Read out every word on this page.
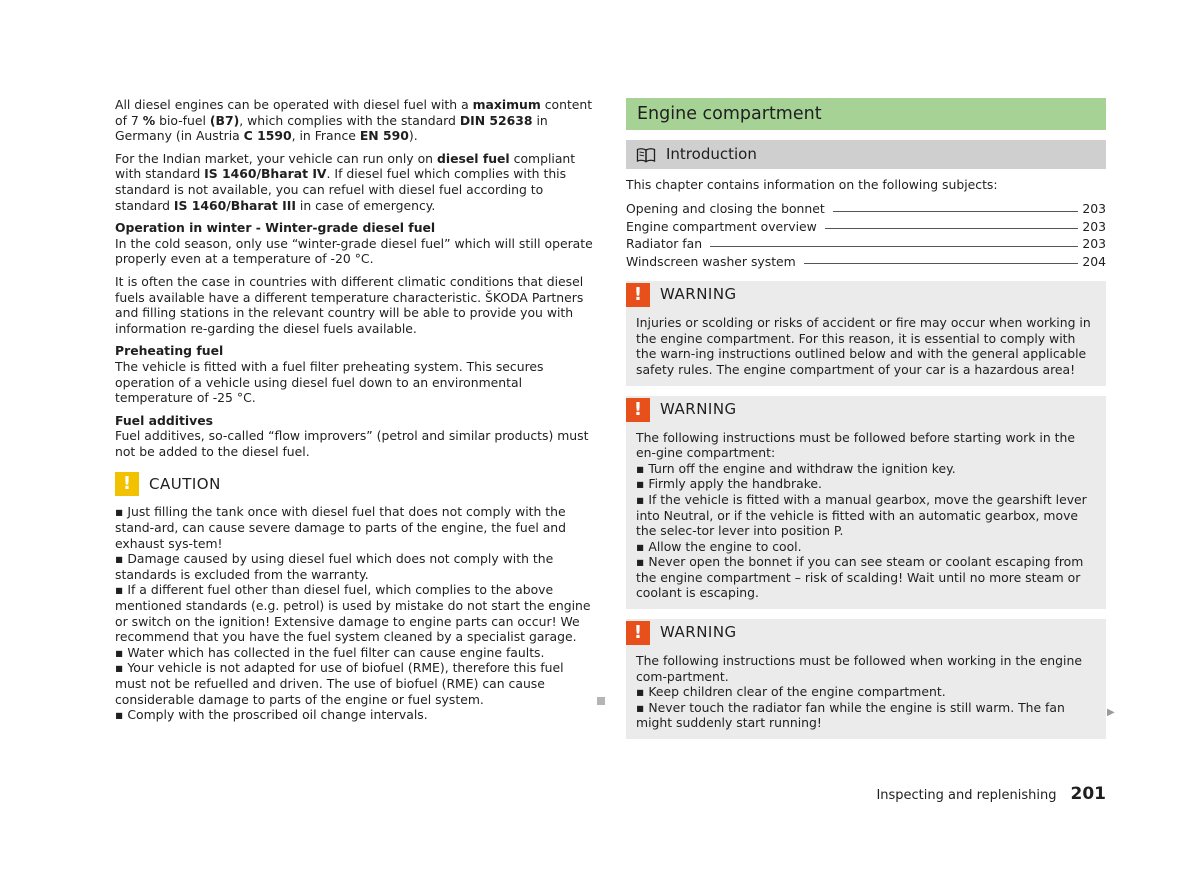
All diesel engines can be operated with diesel fuel with a maximum content of 7 % bio-fuel (B7), which complies with the standard DIN 52638 in Germany (in Austria C 1590, in France EN 590).

For the Indian market, your vehicle can run only on diesel fuel compliant with standard IS 1460/Bharat IV. If diesel fuel which complies with this standard is not available, you can refuel with diesel fuel according to standard IS 1460/Bharat III in case of emergency.

Operation in winter - Winter-grade diesel fuel

In the cold season, only use “winter-grade diesel fuel” which will still operate properly even at a temperature of -20 °C.

It is often the case in countries with different climatic conditions that diesel fuels available have a different temperature characteristic. ŠKODA Partners and filling stations in the relevant country will be able to provide you with information re-garding the diesel fuels available.

Preheating fuel

The vehicle is fitted with a fuel filter preheating system. This secures operation of a vehicle using diesel fuel down to an environmental temperature of -25 °C.

Fuel additives

Fuel additives, so-called “flow improvers” (petrol and similar products) must not be added to the diesel fuel.

!	CAUTION

▪ Just filling the tank once with diesel fuel that does not comply with the stand-ard, can cause severe damage to parts of the engine, the fuel and exhaust sys-tem!

▪ Damage caused by using diesel fuel which does not comply with the standards is excluded from the warranty.

▪ If a different fuel other than diesel fuel, which complies to the above mentioned standards (e.g. petrol) is used by mistake do not start the engine or switch on the ignition! Extensive damage to engine parts can occur! We recommend that you have the fuel system cleaned by a specialist garage.

▪ Water which has collected in the fuel filter can cause engine faults.

▪ Your vehicle is not adapted for use of biofuel (RME), therefore this fuel must not be refuelled and driven. The use of biofuel (RME) can cause considerable damage to parts of the engine or fuel system.

▪ Comply with the proscribed oil change intervals.

Engine compartment
Introduction

This chapter contains information on the following subjects:

Opening and closing the bonnet	203
Engine compartment overview	203
Radiator fan	203
Windscreen washer system	204
!	WARNING

Injuries or scolding or risks of accident or fire may occur when working in the engine compartment. For this reason, it is essential to comply with the warn-ing instructions outlined below and with the general applicable safety rules. The engine compartment of your car is a hazardous area!

!	WARNING

The following instructions must be followed before starting work in the en-gine compartment:

▪ Turn off the engine and withdraw the ignition key.

▪ Firmly apply the handbrake.

▪ If the vehicle is fitted with a manual gearbox, move the gearshift lever into Neutral, or if the vehicle is fitted with an automatic gearbox, move the selec-tor lever into position P.

▪ Allow the engine to cool.

▪ Never open the bonnet if you can see steam or coolant escaping from the engine compartment – risk of scalding! Wait until no more steam or coolant is escaping.

!	WARNING

The following instructions must be followed when working in the engine com-partment.

▪ Keep children clear of the engine compartment.

▪ Never touch the radiator fan while the engine is still warm. The fan might suddenly start running!

▶
Inspecting and replenishing 201
